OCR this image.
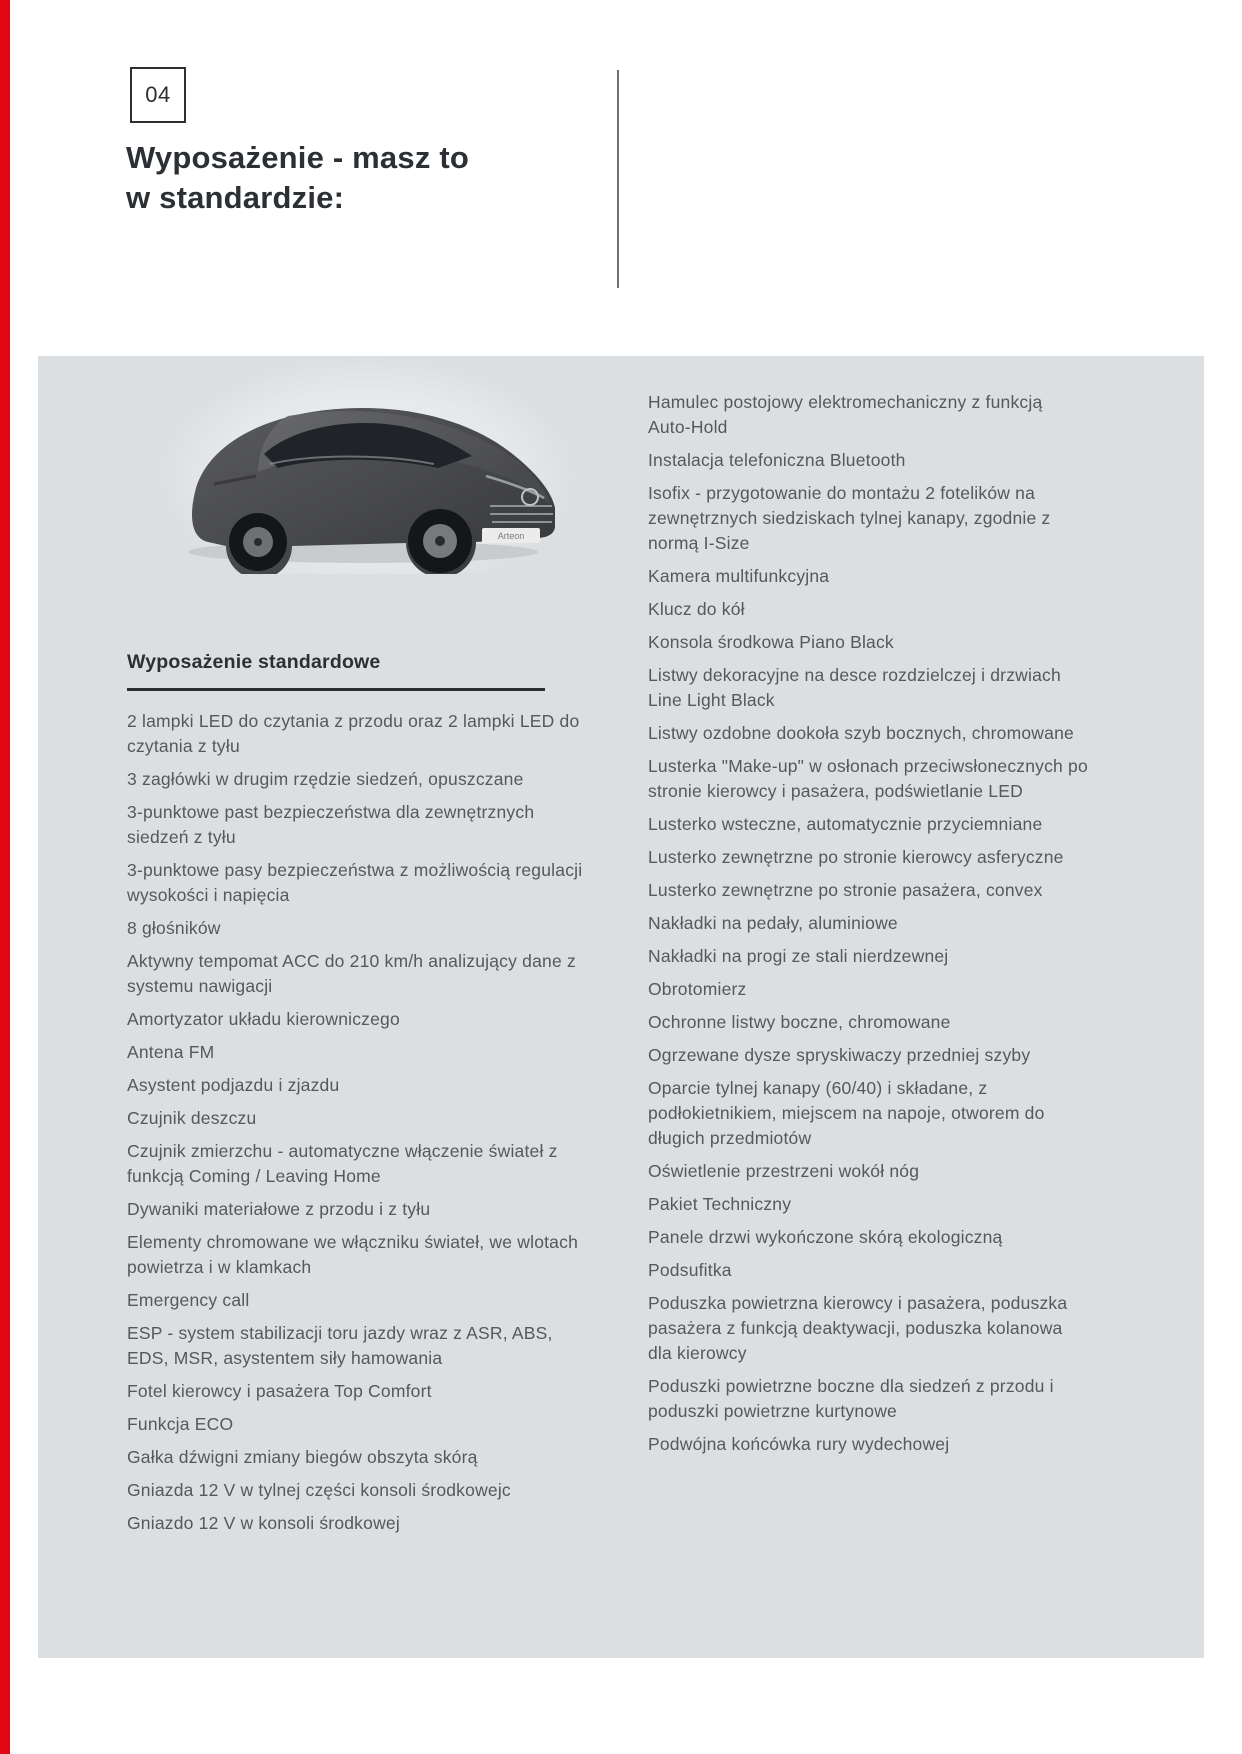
04
Wyposażenie - masz to
w standardzie:
Arteon
Wyposażenie standardowe

2 lampki LED do czytania z przodu oraz 2 lampki LED do czytania z tyłu

3 zagłówki w drugim rzędzie siedzeń, opuszczane

3-punktowe past bezpieczeństwa dla zewnętrznych siedzeń z tyłu

3-punktowe pasy bezpieczeństwa z możliwością regulacji wysokości i napięcia

8 głośników

Aktywny tempomat ACC do 210 km/h analizujący dane z systemu nawigacji

Amortyzator układu kierowniczego

Antena FM

Asystent podjazdu i zjazdu

Czujnik deszczu

Czujnik zmierzchu - automatyczne włączenie świateł z funkcją Coming / Leaving Home

Dywaniki materiałowe z przodu i z tyłu

Elementy chromowane we włączniku świateł, we wlotach powietrza i w klamkach

Emergency call

ESP - system stabilizacji toru jazdy wraz z ASR, ABS, EDS, MSR, asystentem siły hamowania

Fotel kierowcy i pasażera Top Comfort

Funkcja ECO

Gałka dźwigni zmiany biegów obszyta skórą

Gniazda 12 V w tylnej części konsoli środkowejc

Gniazdo 12 V w konsoli środkowej

Hamulec postojowy elektromechaniczny z funkcją Auto-Hold

Instalacja telefoniczna Bluetooth

Isofix - przygotowanie do montażu 2 fotelików na zewnętrznych siedziskach tylnej kanapy, zgodnie z normą I-Size

Kamera multifunkcyjna

Klucz do kół

Konsola środkowa Piano Black

Listwy dekoracyjne na desce rozdzielczej i drzwiach Line Light Black

Listwy ozdobne dookoła szyb bocznych, chromowane

Lusterka "Make-up" w osłonach przeciwsłonecznych po stronie kierowcy i pasażera, podświetlanie LED

Lusterko wsteczne, automatycznie przyciemniane

Lusterko zewnętrzne po stronie kierowcy asferyczne

Lusterko zewnętrzne po stronie pasażera, convex

Nakładki na pedały, aluminiowe

Nakładki na progi ze stali nierdzewnej

Obrotomierz

Ochronne listwy boczne, chromowane

Ogrzewane dysze spryskiwaczy przedniej szyby

Oparcie tylnej kanapy (60/40) i składane, z podłokietnikiem, miejscem na napoje, otworem do długich przedmiotów

Oświetlenie przestrzeni wokół nóg

Pakiet Techniczny

Panele drzwi wykończone skórą ekologiczną

Podsufitka

Poduszka powietrzna kierowcy i pasażera, poduszka pasażera z funkcją deaktywacji, poduszka kolanowa dla kierowcy

Poduszki powietrzne boczne dla siedzeń z przodu i poduszki powietrzne kurtynowe

Podwójna końcówka rury wydechowej
